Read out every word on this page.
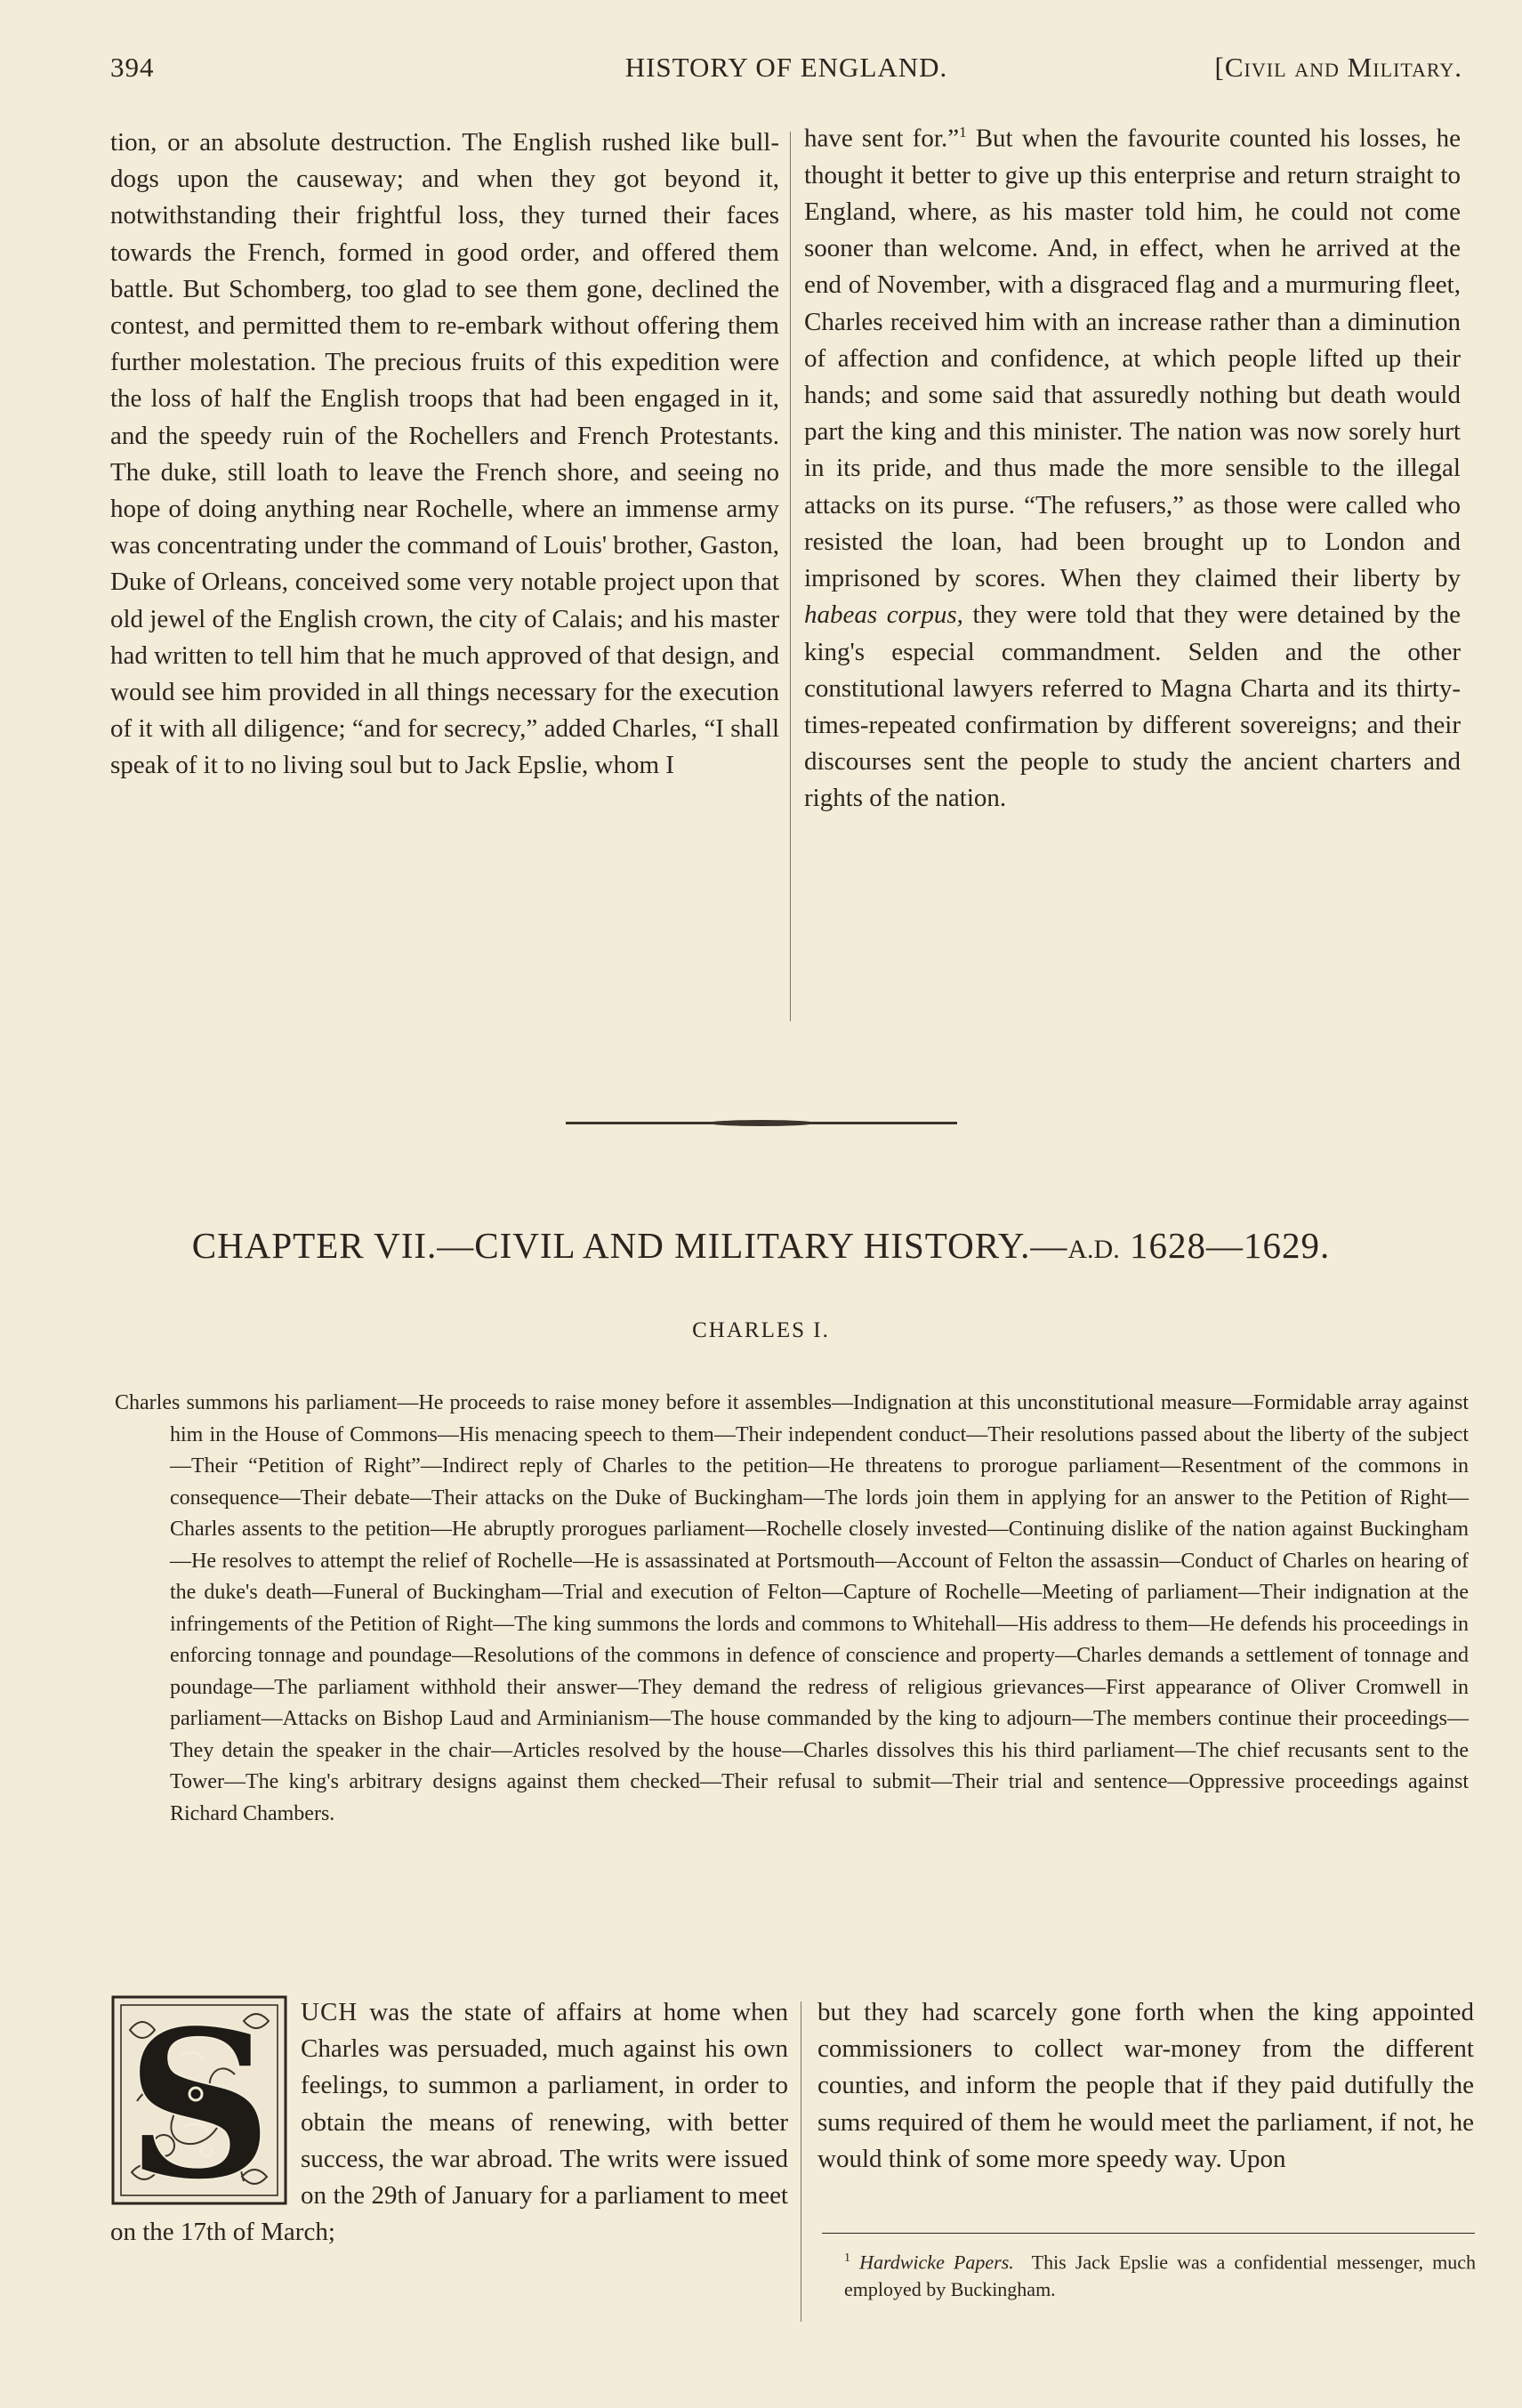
394	HISTORY OF ENGLAND.	[Civil and Military.

tion, or an absolute destruction. The English rushed like bull-dogs upon the causeway; and when they got beyond it, notwithstanding their frightful loss, they turned their faces towards the French, formed in good order, and offered them battle. But Schomberg, too glad to see them gone, declined the contest, and permitted them to re-embark without offering them further molestation. The precious fruits of this expedition were the loss of half the English troops that had been engaged in it, and the speedy ruin of the Rochellers and French Protestants. The duke, still loath to leave the French shore, and seeing no hope of doing anything near Rochelle, where an immense army was concentrating under the command of Louis' brother, Gaston, Duke of Orleans, conceived some very notable project upon that old jewel of the English crown, the city of Calais; and his master had written to tell him that he much approved of that design, and would see him provided in all things necessary for the execution of it with all diligence; “and for secrecy,” added Charles, “I shall speak of it to no living soul but to Jack Epslie, whom I

have sent for.”$^1$ But when the favourite counted his losses, he thought it better to give up this enterprise and return straight to England, where, as his master told him, he could not come sooner than welcome. And, in effect, when he arrived at the end of November, with a disgraced flag and a murmuring fleet, Charles received him with an increase rather than a diminution of affection and confidence, at which people lifted up their hands; and some said that assuredly nothing but death would part the king and this minister. The nation was now sorely hurt in its pride, and thus made the more sensible to the illegal attacks on its purse. “The refusers,” as those were called who resisted the loan, had been brought up to London and imprisoned by scores. When they claimed their liberty by habeas corpus, they were told that they were detained by the king's especial commandment. Selden and the other constitutional lawyers referred to Magna Charta and its thirty-times-repeated confirmation by different sovereigns; and their discourses sent the people to study the ancient charters and rights of the nation.

CHAPTER VII.—CIVIL AND MILITARY HISTORY.—A.D. 1628—1629.
CHARLES I.
Charles summons his parliament—He proceeds to raise money before it assembles—Indignation at this unconstitutional measure—Formidable array against him in the House of Commons—His menacing speech to them—Their independent conduct—Their resolutions passed about the liberty of the subject—Their “Petition of Right”—Indirect reply of Charles to the petition—He threatens to prorogue parliament—Resentment of the commons in consequence—Their debate—Their attacks on the Duke of Buckingham—The lords join them in applying for an answer to the Petition of Right—Charles assents to the petition—He abruptly prorogues parliament—Rochelle closely invested—Continuing dislike of the nation against Buckingham—He resolves to attempt the relief of Rochelle—He is assassinated at Portsmouth—Account of Felton the assassin—Conduct of Charles on hearing of the duke's death—Funeral of Buckingham—Trial and execution of Felton—Capture of Rochelle—Meeting of parliament—Their indignation at the infringements of the Petition of Right—The king summons the lords and commons to Whitehall—His address to them—He defends his proceedings in enforcing tonnage and poundage—Resolutions of the commons in defence of conscience and property—Charles demands a settlement of tonnage and poundage—The parliament withhold their answer—They demand the redress of religious grievances—First appearance of Oliver Cromwell in parliament—Attacks on Bishop Laud and Arminianism—The house commanded by the king to adjourn—The members continue their proceedings—They detain the speaker in the chair—Articles resolved by the house—Charles dissolves this his third parliament—The chief recusants sent to the Tower—The king's arbitrary designs against them checked—Their refusal to submit—Their trial and sentence—Oppressive proceedings against Richard Chambers.
S	UCH was the state of affairs at home when Charles was persuaded, much against his own feelings, to summon a parliament, in order to obtain the means of renewing, with better success, the war abroad. The writs were issued on the 29th of January for a parliament to meet on the 17th of March;

but they had scarcely gone forth when the king appointed commissioners to collect war-money from the different counties, and inform the people that if they paid dutifully the sums required of them he would meet the parliament, if not, he would think of some more speedy way. Upon

$^1$ Hardwicke Papers. This Jack Epslie was a confidential messenger, much employed by Buckingham.
